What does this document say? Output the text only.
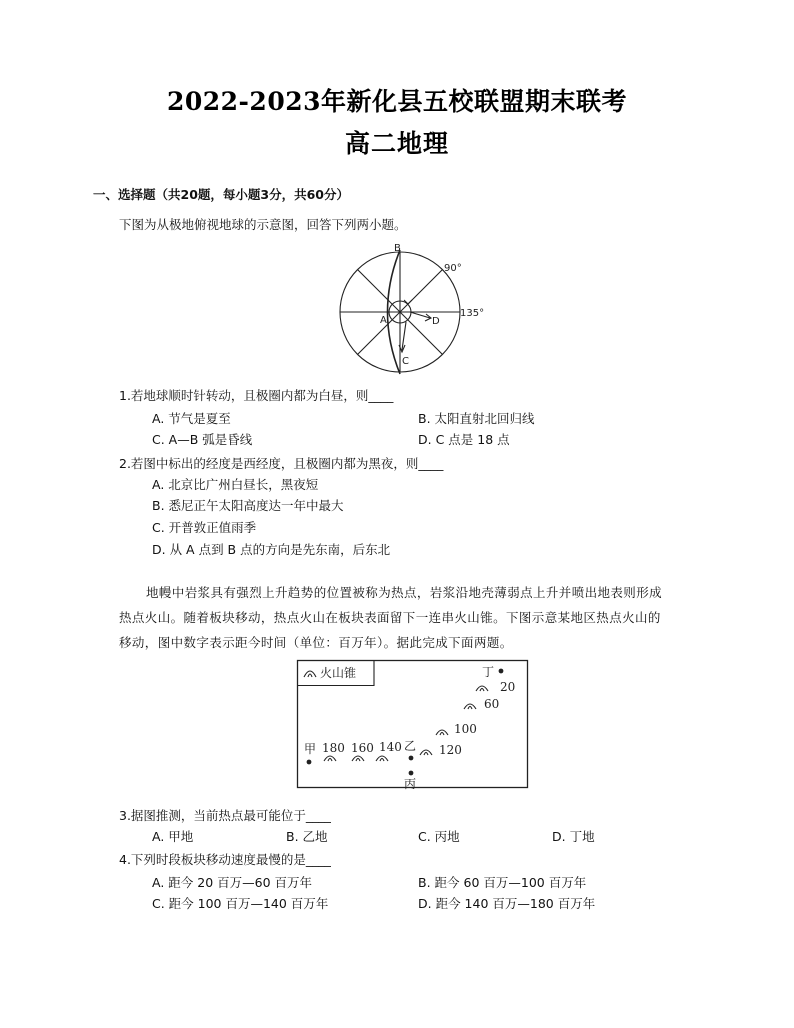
2022-2023年新化县五校联盟期末联考
高二地理
一、选择题（共20题，每小题3分，共60分）
下图为从极地俯视地球的示意图，回答下列两小题。
B
A	D
C
90°
135°
1.若地球顺时针转动，且极圈内都为白昼，则____
A. 节气是夏至	B. 太阳直射北回归线
C. A—B 弧是昏线	D. C 点是 18 点
2.若图中标出的经度是西经度，且极圈内都为黑夜，则____
A. 北京比广州白昼长，黑夜短
B. 悉尼正午太阳高度达一年中最大
C. 开普敦正值雨季
D. 从 A 点到 B 点的方向是先东南，后东北
地幔中岩浆具有强烈上升趋势的位置被称为热点，岩浆沿地壳薄弱点上升并喷出地表则形成
热点火山。随着板块移动，热点火山在板块表面留下一连串火山锥。下图示意某地区热点火山的
移动，图中数字表示距今时间（单位：百万年）。据此完成下面两题。
火山锥
甲	乙
丙
丁
180 160 140	120
100
60
20
3.据图推测，当前热点最可能位于____
A. 甲地	B. 乙地	C. 丙地	D. 丁地
4.下列时段板块移动速度最慢的是____
A. 距今 20 百万—60 百万年	B. 距今 60 百万—100 百万年
C. 距今 100 百万—140 百万年	D. 距今 140 百万—180 百万年
